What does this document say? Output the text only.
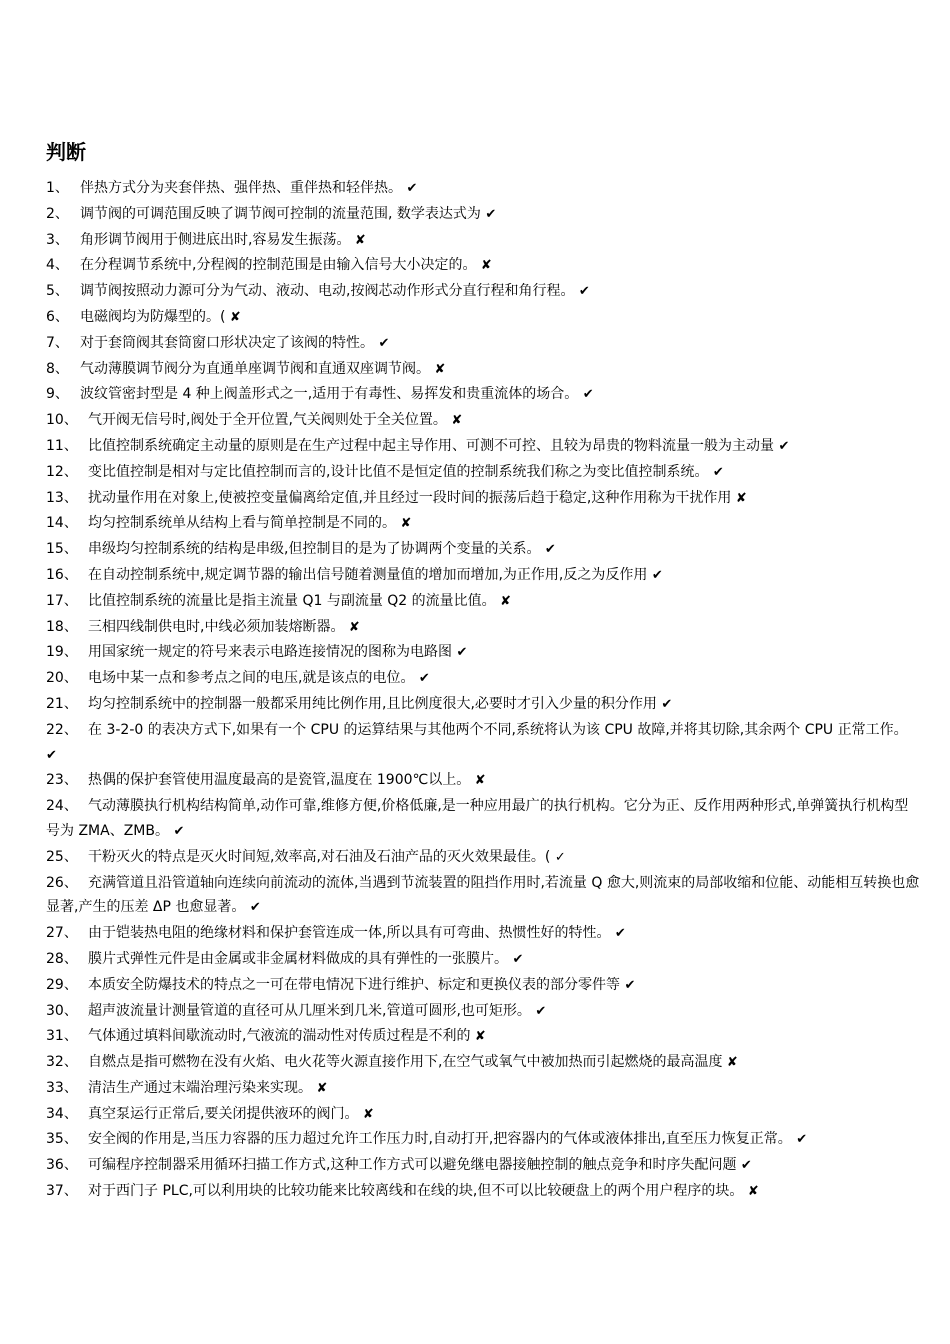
判断
1、 伴热方式分为夹套伴热、强伴热、重伴热和轻伴热。 ✔
2、 调节阀的可调范围反映了调节阀可控制的流量范围, 数学表达式为 ✔
3、 角形调节阀用于侧进底出时,容易发生振荡。 ✘
4、 在分程调节系统中,分程阀的控制范围是由输入信号大小决定的。 ✘
5、 调节阀按照动力源可分为气动、液动、电动,按阀芯动作形式分直行程和角行程。 ✔
6、 电磁阀均为防爆型的。( ✘
7、 对于套筒阀其套筒窗口形状决定了该阀的特性。 ✔
8、 气动薄膜调节阀分为直通单座调节阀和直通双座调节阀。 ✘
9、 波纹管密封型是 4 种上阀盖形式之一,适用于有毒性、易挥发和贵重流体的场合。 ✔
10、 气开阀无信号时,阀处于全开位置,气关阀则处于全关位置。 ✘
11、 比值控制系统确定主动量的原则是在生产过程中起主导作用、可测不可控、且较为昂贵的物料流量一般为主动量 ✔
12、 变比值控制是相对与定比值控制而言的,设计比值不是恒定值的控制系统我们称之为变比值控制系统。 ✔
13、 扰动量作用在对象上,使被控变量偏离给定值,并且经过一段时间的振荡后趋于稳定,这种作用称为干扰作用 ✘
14、 均匀控制系统单从结构上看与简单控制是不同的。 ✘
15、 串级均匀控制系统的结构是串级,但控制目的是为了协调两个变量的关系。 ✔
16、 在自动控制系统中,规定调节器的输出信号随着测量值的增加而增加,为正作用,反之为反作用 ✔
17、 比值控制系统的流量比是指主流量 Q1 与副流量 Q2 的流量比值。 ✘
18、 三相四线制供电时,中线必须加装熔断器。 ✘
19、 用国家统一规定的符号来表示电路连接情况的图称为电路图 ✔
20、 电场中某一点和参考点之间的电压,就是该点的电位。 ✔
21、 均匀控制系统中的控制器一般都采用纯比例作用,且比例度很大,必要时才引入少量的积分作用 ✔
22、 在 3-2-0 的表决方式下,如果有一个 CPU 的运算结果与其他两个不同,系统将认为该 CPU 故障,并将其切除,其余两个 CPU 正常工作。 ✔
23、 热偶的保护套管使用温度最高的是瓷管,温度在 1900℃以上。 ✘
24、 气动薄膜执行机构结构简单,动作可靠,维修方便,价格低廉,是一种应用最广的执行机构。它分为正、反作用两种形式,单弹簧执行机构型号为 ZMA、ZMB。 ✔
25、 干粉灭火的特点是灭火时间短,效率高,对石油及石油产品的灭火效果最佳。( ✓
26、 充满管道且沿管道轴向连续向前流动的流体,当遇到节流装置的阻挡作用时,若流量 Q 愈大,则流束的局部收缩和位能、动能相互转换也愈显著,产生的压差 ΔP 也愈显著。 ✔
27、 由于铠装热电阻的绝缘材料和保护套管连成一体,所以具有可弯曲、热惯性好的特性。 ✔
28、 膜片式弹性元件是由金属或非金属材料做成的具有弹性的一张膜片。 ✔
29、 本质安全防爆技术的特点之一可在带电情况下进行维护、标定和更换仪表的部分零件等 ✔
30、 超声波流量计测量管道的直径可从几厘米到几米,管道可圆形,也可矩形。 ✔
31、 气体通过填料间歇流动时,气液流的湍动性对传质过程是不利的 ✘
32、 自燃点是指可燃物在没有火焰、电火花等火源直接作用下,在空气或氧气中被加热而引起燃烧的最高温度 ✘
33、 清洁生产通过末端治理污染来实现。 ✘
34、 真空泵运行正常后,要关闭提供液环的阀门。 ✘
35、 安全阀的作用是,当压力容器的压力超过允许工作压力时,自动打开,把容器内的气体或液体排出,直至压力恢复正常。 ✔
36、 可编程序控制器采用循环扫描工作方式,这种工作方式可以避免继电器接触控制的触点竞争和时序失配问题 ✔
37、 对于西门子 PLC,可以利用块的比较功能来比较离线和在线的块,但不可以比较硬盘上的两个用户程序的块。 ✘
